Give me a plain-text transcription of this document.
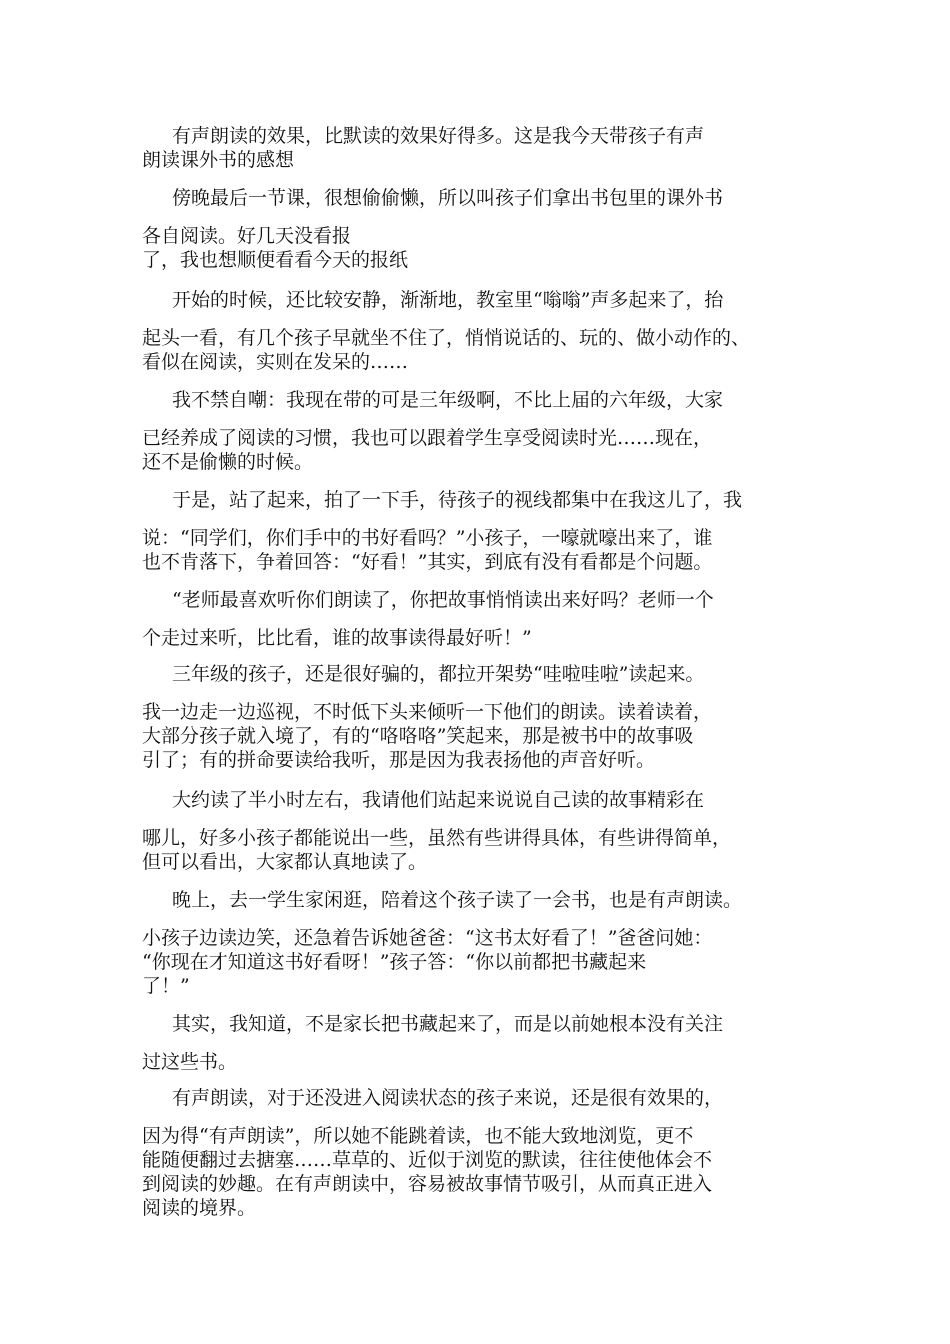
有声朗读的效果，比默读的效果好得多。这是我今天带孩子有声
朗读课外书的感想
傍晚最后一节课，很想偷偷懒，所以叫孩子们拿出书包里的课外书
各自阅读。好几天没看报
了，我也想顺便看看今天的报纸
开始的时候，还比较安静，渐渐地，教室里“嗡嗡”声多起来了，抬
起头一看，有几个孩子早就坐不住了，悄悄说话的、玩的、做小动作的、
看似在阅读，实则在发呆的……
我不禁自嘲：我现在带的可是三年级啊，不比上届的六年级，大家
已经养成了阅读的习惯，我也可以跟着学生享受阅读时光……现在，
还不是偷懒的时候。
于是，站了起来，拍了一下手，待孩子的视线都集中在我这儿了，我
说：“同学们，你们手中的书好看吗？”小孩子，一嚎就嚎出来了，谁
也不肯落下，争着回答：“好看！”其实，到底有没有看都是个问题。
“老师最喜欢听你们朗读了，你把故事悄悄读出来好吗？老师一个
个走过来听，比比看，谁的故事读得最好听！”
三年级的孩子，还是很好骗的，都拉开架势“哇啦哇啦”读起来。
我一边走一边巡视，不时低下头来倾听一下他们的朗读。读着读着，
大部分孩子就入境了，有的“咯咯咯”笑起来，那是被书中的故事吸
引了；有的拼命要读给我听，那是因为我表扬他的声音好听。
大约读了半小时左右，我请他们站起来说说自己读的故事精彩在
哪儿，好多小孩子都能说出一些，虽然有些讲得具体，有些讲得简单，
但可以看出，大家都认真地读了。
晚上，去一学生家闲逛，陪着这个孩子读了一会书，也是有声朗读。
小孩子边读边笑，还急着告诉她爸爸：“这书太好看了！”爸爸问她：
“你现在才知道这书好看呀！”孩子答：“你以前都把书藏起来
了！”
其实，我知道，不是家长把书藏起来了，而是以前她根本没有关注
过这些书。
有声朗读，对于还没进入阅读状态的孩子来说，还是很有效果的，
因为得“有声朗读”，所以她不能跳着读，也不能大致地浏览，更不
能随便翻过去搪塞……草草的、近似于浏览的默读，往往使他体会不
到阅读的妙趣。在有声朗读中，容易被故事情节吸引，从而真正进入
阅读的境界。
